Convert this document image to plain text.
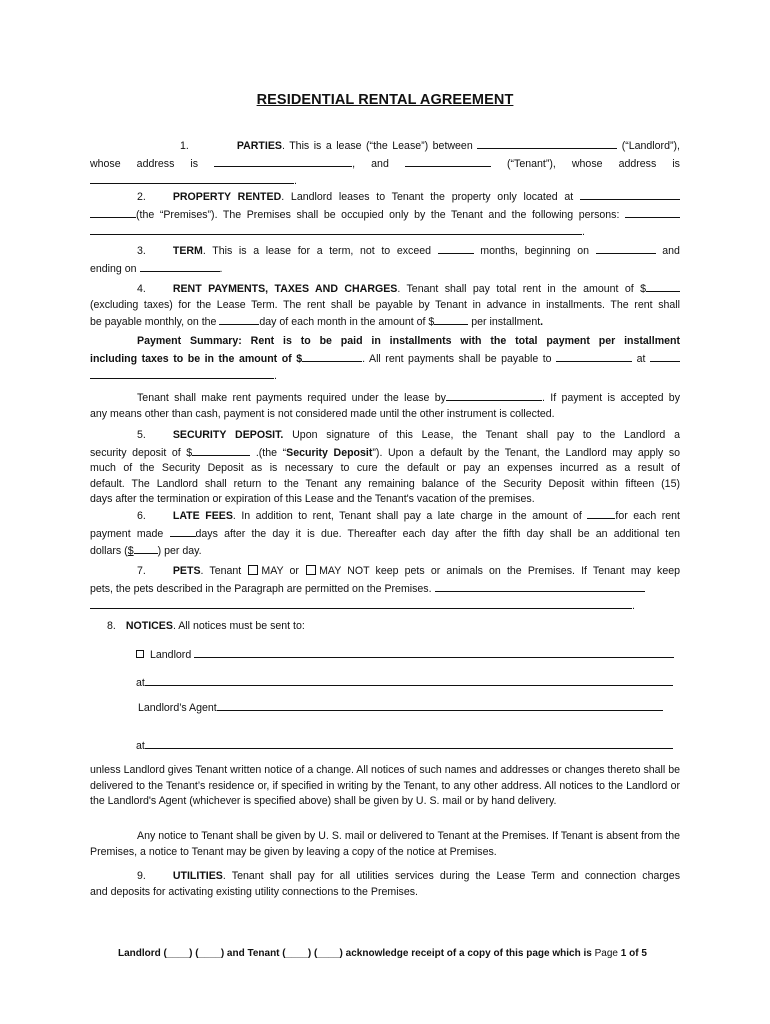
RESIDENTIAL RENTAL AGREEMENT
1.	PARTIES. This is a lease (“the Lease”) between	(“Landlord”),
whose address is	, and	(“Tenant”), whose address is
.
2.	PROPERTY RENTED. Landlord leases to Tenant the property only located at
(the “Premises”). The Premises shall be occupied only by the Tenant and the following persons:
.
3.	TERM. This is a lease for a term, not to exceed	months, beginning on	and
ending on	.
4.	RENT PAYMENTS, TAXES AND CHARGES. Tenant shall pay total rent in the amount of $
(excluding taxes) for the Lease Term. The rent shall be payable by Tenant in advance in installments. The rent shall
be payable monthly, on the	day of each month in the amount of $	per installment.
Payment Summary: Rent is to be paid in installments with the total payment per installment
including taxes to be in the amount of $	. All rent payments shall be payable to	at
.
Tenant shall make rent payments required under the lease by	. If payment is accepted by
any means other than cash, payment is not considered made until the other instrument is collected.
5.	SECURITY DEPOSIT. Upon signature of this Lease, the Tenant shall pay to the Landlord a
security deposit of $	.(the “Security Deposit”). Upon a default by the Tenant, the Landlord may apply so
much of the Security Deposit as is necessary to cure the default or pay an expenses incurred as a result of
default. The Landlord shall return to the Tenant any remaining balance of the Security Deposit within fifteen (15)
days after the termination or expiration of this Lease and the Tenant's vacation of the premises.
6.	LATE FEES. In addition to rent, Tenant shall pay a late charge in the amount of	for each rent
payment made	days after the day it is due. Thereafter each day after the fifth day shall be an additional ten
dollars ($ ) per day.
7.	PETS. Tenant MAY or MAY NOT keep pets or animals on the Premises. If Tenant may keep
pets, the pets described in the Paragraph are permitted on the Premises.
.
8. NOTICES. All notices must be sent to:
Landlord
at
Landlord’s Agent
at

unless Landlord gives Tenant written notice of a change. All notices of such names and addresses or changes thereto shall be delivered to the Tenant’s residence or, if specified in writing by the Tenant, to any other address. All notices to the Landlord or the Landlord's Agent (whichever is specified above) shall be given by U. S. mail or by hand delivery.

Any notice to Tenant shall be given by U. S. mail or delivered to Tenant at the Premises. If Tenant is absent from the Premises, a notice to Tenant may be given by leaving a copy of the notice at Premises.

9.	UTILITIES. Tenant shall pay for all utilities services during the Lease Term and connection charges
and deposits for activating existing utility connections to the Premises.
Landlord (____) (____) and Tenant (____) (____) acknowledge receipt of a copy of this page which is Page 1 of 5
